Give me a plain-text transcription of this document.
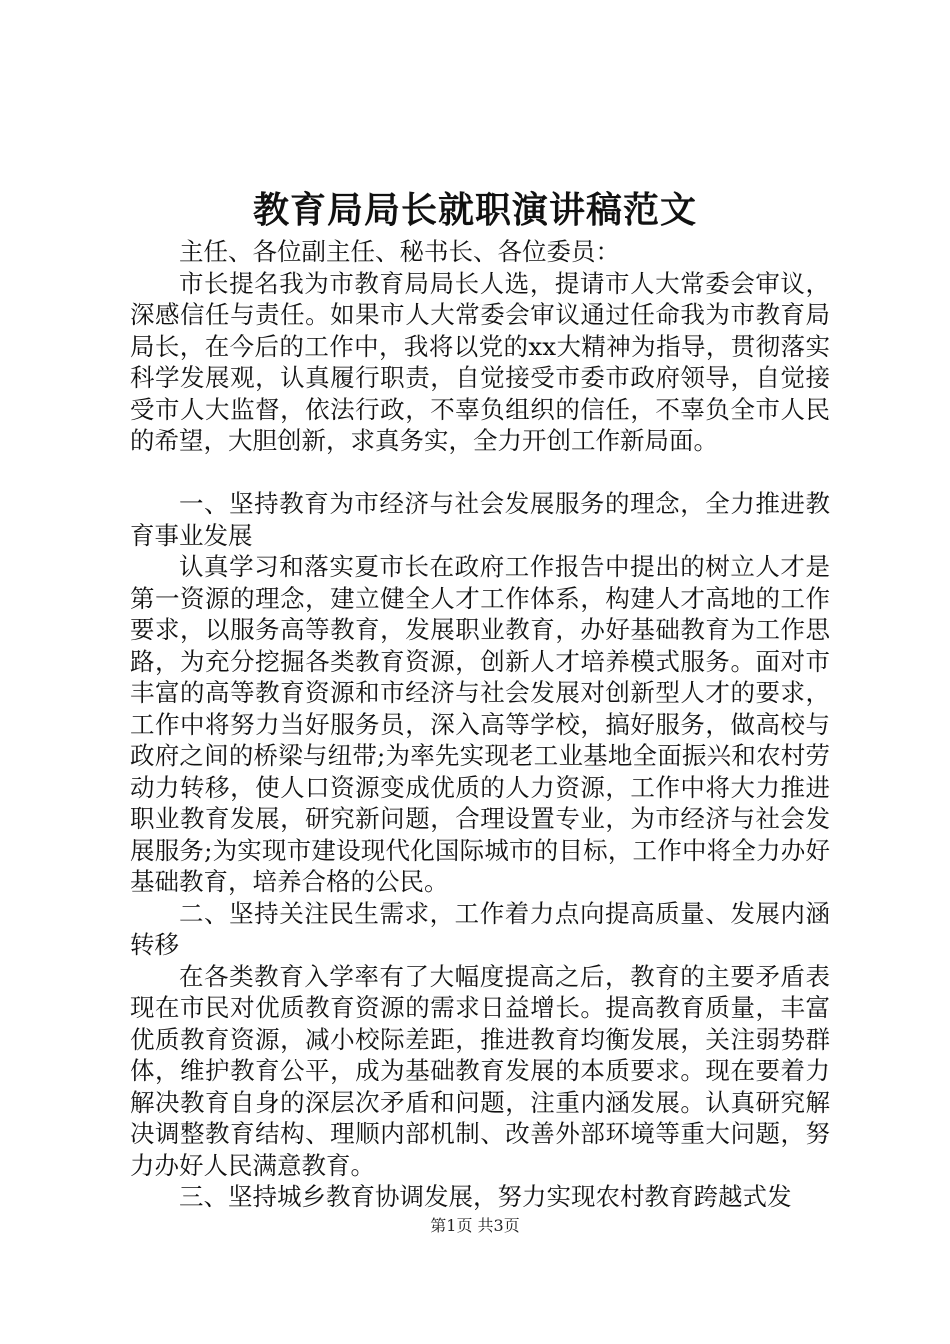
教育局局长就职演讲稿范文

主任、各位副主任、秘书长、各位委员：

市长提名我为市教育局局长人选，提请市人大常委会审议，深感信任与责任。如果市人大常委会审议通过任命我为市教育局局长，在今后的工作中，我将以党的xx大精神为指导，贯彻落实科学发展观，认真履行职责，自觉接受市委市政府领导，自觉接受市人大监督，依法行政，不辜负组织的信任，不辜负全市人民的希望，大胆创新，求真务实，全力开创工作新局面。

一、坚持教育为市经济与社会发展服务的理念，全力推进教育事业发展

认真学习和落实夏市长在政府工作报告中提出的树立人才是第一资源的理念，建立健全人才工作体系，构建人才高地的工作要求，以服务高等教育，发展职业教育，办好基础教育为工作思路，为充分挖掘各类教育资源，创新人才培养模式服务。面对市丰富的高等教育资源和市经济与社会发展对创新型人才的要求，工作中将努力当好服务员，深入高等学校，搞好服务，做高校与政府之间的桥梁与纽带;为率先实现老工业基地全面振兴和农村劳动力转移，使人口资源变成优质的人力资源，工作中将大力推进职业教育发展，研究新问题，合理设置专业，为市经济与社会发展服务;为实现市建设现代化国际城市的目标，工作中将全力办好基础教育，培养合格的公民。

二、坚持关注民生需求，工作着力点向提高质量、发展内涵转移

在各类教育入学率有了大幅度提高之后，教育的主要矛盾表现在市民对优质教育资源的需求日益增长。提高教育质量，丰富优质教育资源，减小校际差距，推进教育均衡发展，关注弱势群体，维护教育公平，成为基础教育发展的本质要求。现在要着力解决教育自身的深层次矛盾和问题，注重内涵发展。认真研究解决调整教育结构、理顺内部机制、改善外部环境等重大问题，努力办好人民满意教育。

三、坚持城乡教育协调发展，努力实现农村教育跨越式发

第1页 共3页
